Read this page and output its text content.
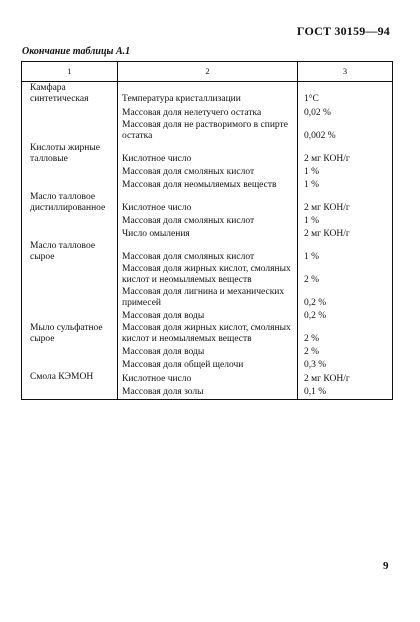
ГОСТ 30159—94
Окончание таблицы А.1
1	2	3
Камфара синтетическая	Температура кристаллизации	1°С
	Массовая доля нелетучего остатка	0,02 %
	Массовая доля не растворимого в спирте остатка	0,002 %
Кислоты жирные талловые	Кислотное число	2 мг КОН/г
	Массовая доля смоляных кислот	1 %
	Массовая доля неомыляемых веществ	1 %
Масло талловое дистиллированное	Кислотное число	2 мг КОН/г
	Массовая доля смоляных кислот	1 %
	Число омыления	2 мг КОН/г
Масло талловое сырое	Массовая доля смоляных кислот	1 %
	Массовая доля жирных кислот, смоляных кислот и неомыляемых веществ	2 %
	Массовая доля лигнина и механических примесей	0,2 %
	Массовая доля воды	0,2 %
Мыло сульфатное сырое	Массовая доля жирных кислот, смоляных кислот и неомыляемых веществ	2 %
	Массовая доля воды	2 %
	Массовая доля общей щелочи	0,3 %
Смола КЭМОН	Кислотное число	2 мг КОН/г
	Массовая доля золы	0,1 %
9
